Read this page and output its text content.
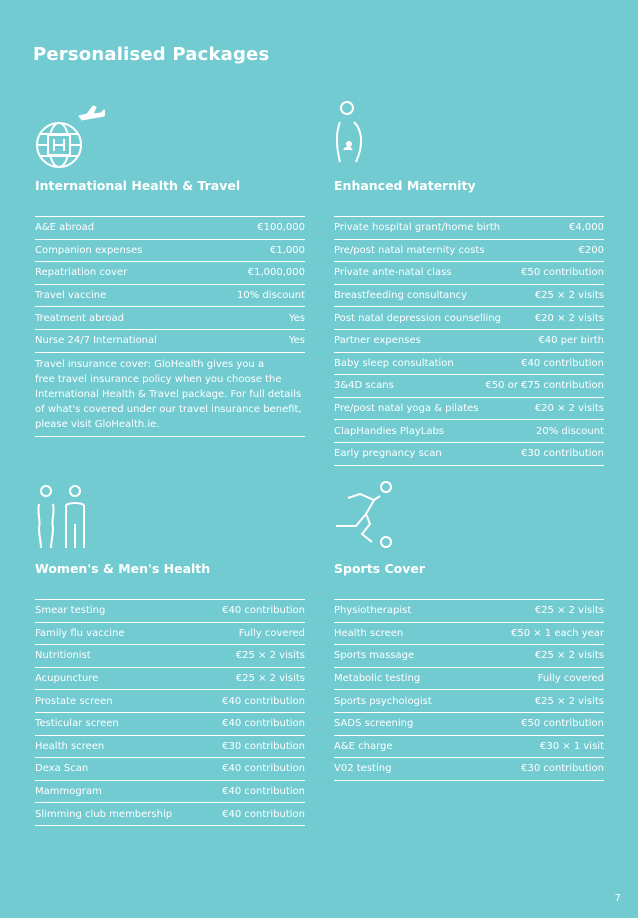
Personalised Packages
International Health & Travel
A&E abroad	€100,000
Companion expenses	€1,000
Repatriation cover	€1,000,000
Travel vaccine	10% discount
Treatment abroad	Yes
Nurse 24/7 International	Yes
Travel insurance cover: GloHealth gives you a
free travel insurance policy when you choose the
International Health & Travel package. For full details
of what's covered under our travel insurance benefit,
please visit GloHealth.ie.
Enhanced Maternity
Private hospital grant/home birth	€4,000
Pre/post natal maternity costs	€200
Private ante-natal class	€50 contribution
Breastfeeding consultancy	€25 × 2 visits
Post natal depression counselling	€20 × 2 visits
Partner expenses	€40 per birth
Baby sleep consultation	€40 contribution
3&4D scans	€50 or €75 contribution
Pre/post natal yoga & pilates	€20 × 2 visits
ClapHandies PlayLabs	20% discount
Early pregnancy scan	€30 contribution
Women's & Men's Health
Smear testing	€40 contribution
Family flu vaccine	Fully covered
Nutritionist	€25 × 2 visits
Acupuncture	€25 × 2 visits
Prostate screen	€40 contribution
Testicular screen	€40 contribution
Health screen	€30 contribution
Dexa Scan	€40 contribution
Mammogram	€40 contribution
Slimming club membership	€40 contribution
Sports Cover
Physiotherapist	€25 × 2 visits
Health screen	€50 × 1 each year
Sports massage	€25 × 2 visits
Metabolic testing	Fully covered
Sports psychologist	€25 × 2 visits
SADS screening	€50 contribution
A&E charge	€30 × 1 visit
V02 testing	€30 contribution
7
